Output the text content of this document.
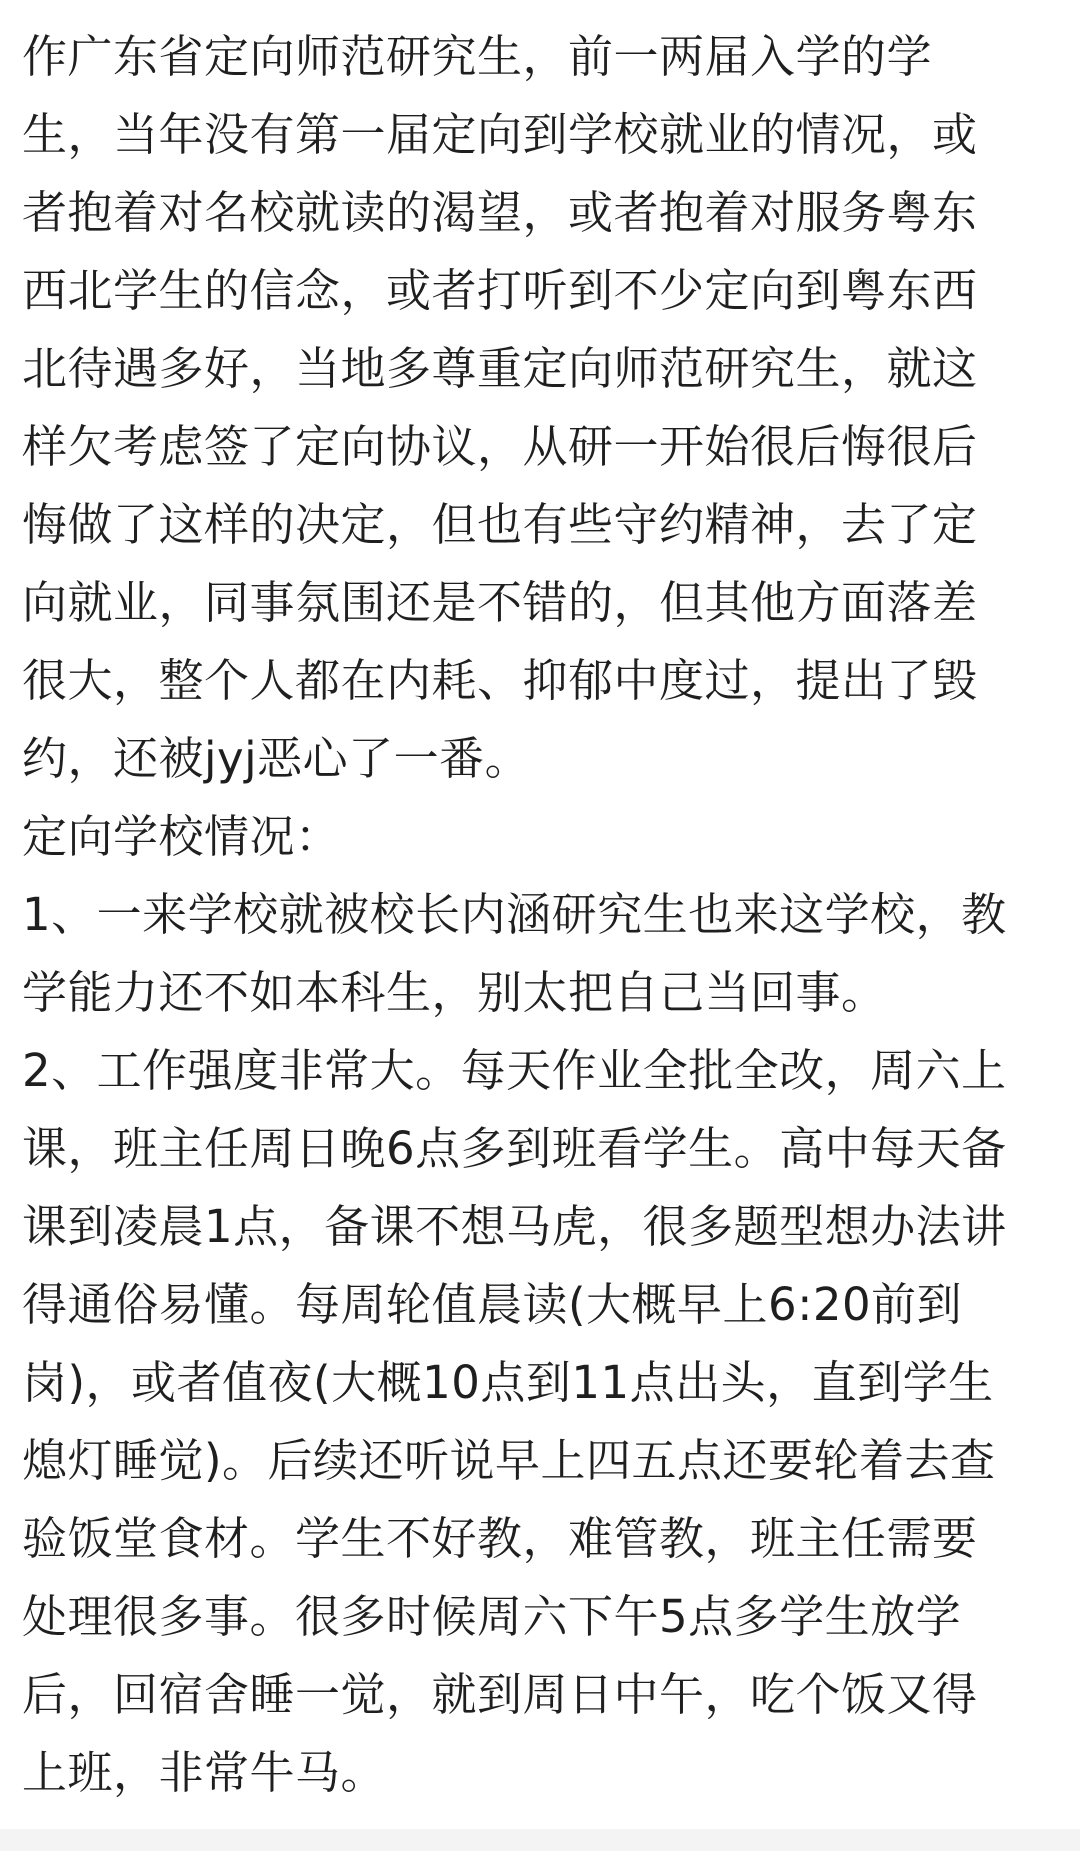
作广东省定向师范研究生，前一两届入学的学
生，当年没有第一届定向到学校就业的情况，或
者抱着对名校就读的渴望，或者抱着对服务粤东
西北学生的信念，或者打听到不少定向到粤东西
北待遇多好，当地多尊重定向师范研究生，就这
样欠考虑签了定向协议，从研一开始很后悔很后
悔做了这样的决定，但也有些守约精神，去了定
向就业，同事氛围还是不错的，但其他方面落差
很大，整个人都在内耗、抑郁中度过，提出了毁
约，还被jyj恶心了一番。
定向学校情况：
1、一来学校就被校长内涵研究生也来这学校，教
学能力还不如本科生，别太把自己当回事。
2、工作强度非常大。每天作业全批全改，周六上
课，班主任周日晚6点多到班看学生。高中每天备
课到凌晨1点，备课不想马虎，很多题型想办法讲
得通俗易懂。每周轮值晨读(大概早上6:20前到
岗)，或者值夜(大概10点到11点出头，直到学生
熄灯睡觉)。后续还听说早上四五点还要轮着去查
验饭堂食材。学生不好教，难管教，班主任需要
处理很多事。很多时候周六下午5点多学生放学
后，回宿舍睡一觉，就到周日中午，吃个饭又得
上班，非常牛马。
